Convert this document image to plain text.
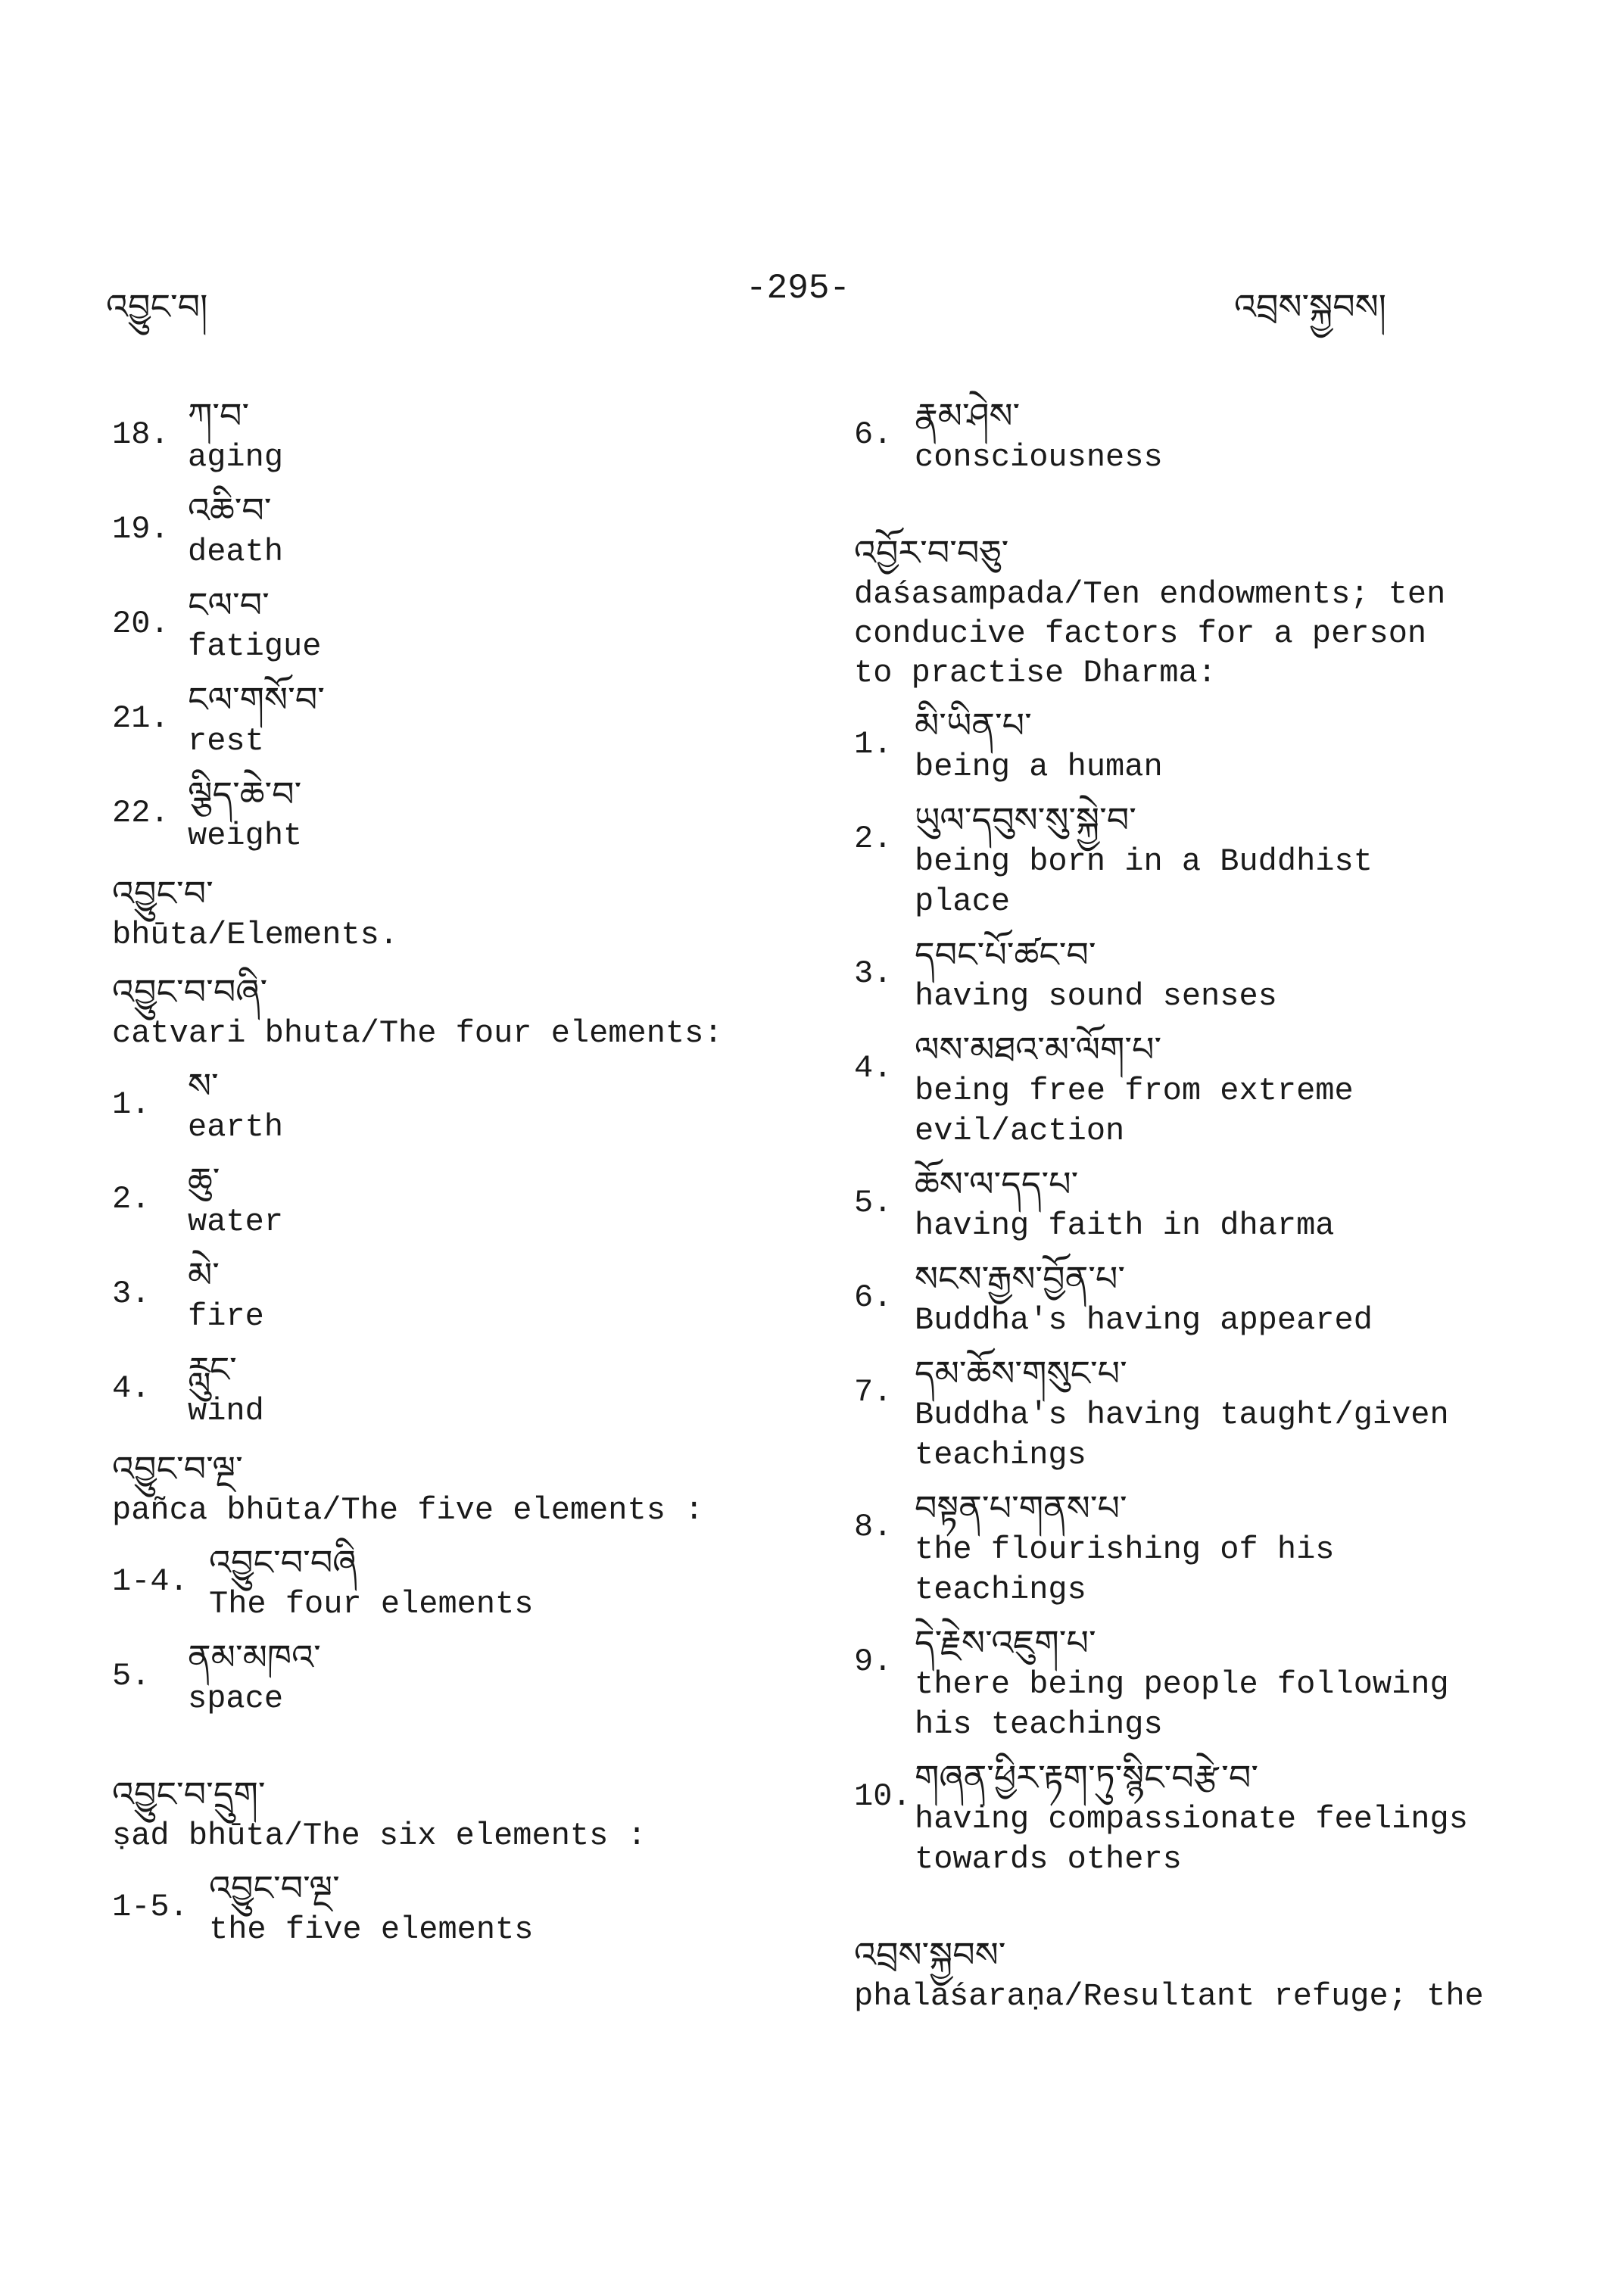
འབྱུང་བ།	-295-	འབྲས་སྐྱབས།
18. ཀ་བ་
aging
19. འཆི་བ་
death
20. ངལ་བ་
fatigue
21. ངལ་གསོ་བ་
rest
22. ལྕིད་ཆེ་བ་
weight
འབྱུང་བ་
bhūta/Elements.
འབྱུང་བ་བཞི་
catvari bhuta/The four elements:
1.	ས་
earth
2.	ཆུ་
water
3.	མེ་
fire
4.	རླུང་
wind
འབྱུང་བ་ལྔ་
pañca bhūta/The five elements :
1-4. འབྱུང་བ་བཞི
The four elements
5.	ནམ་མཁའ་
space
འབྱུང་བ་དྲུག་
ṣad bhūta/The six elements :
1-5. འབྱུང་བ་ལྔ་
the five elements
6. རྣམ་ཤེས་
consciousness
འབྱོར་བ་བཅུ་
daśasampada/Ten endowments; ten
conducive factors for a person
to practise Dharma:
1. མི་ཡིན་པ་
being a human
2. ཡུལ་དབུས་སུ་སྐྱེ་བ་
being born in a Buddhist
place
3. དབང་པོ་ཚང་བ་
having sound senses
4. ལས་མཐའ་མ་ལོག་པ་
being free from extreme
evil/action
5. ཆོས་ལ་དད་པ་
having faith in dharma
6. སངས་རྒྱས་བྱོན་པ་
Buddha's having appeared
7. དམ་ཆོས་གསུང་པ་
Buddha's having taught/given
teachings
8. བསྟན་པ་གནས་པ་
the flourishing of his
teachings
9. དེ་རྗེས་འཇུག་པ་
there being people following
his teachings
10. གཞན་ཕྱིར་རྟག་ཏུ་སྙིང་བརྩེ་བ་
having compassionate feelings
towards others
འབྲས་སྐྱབས་
phalaśaraṇa/Resultant refuge; the
